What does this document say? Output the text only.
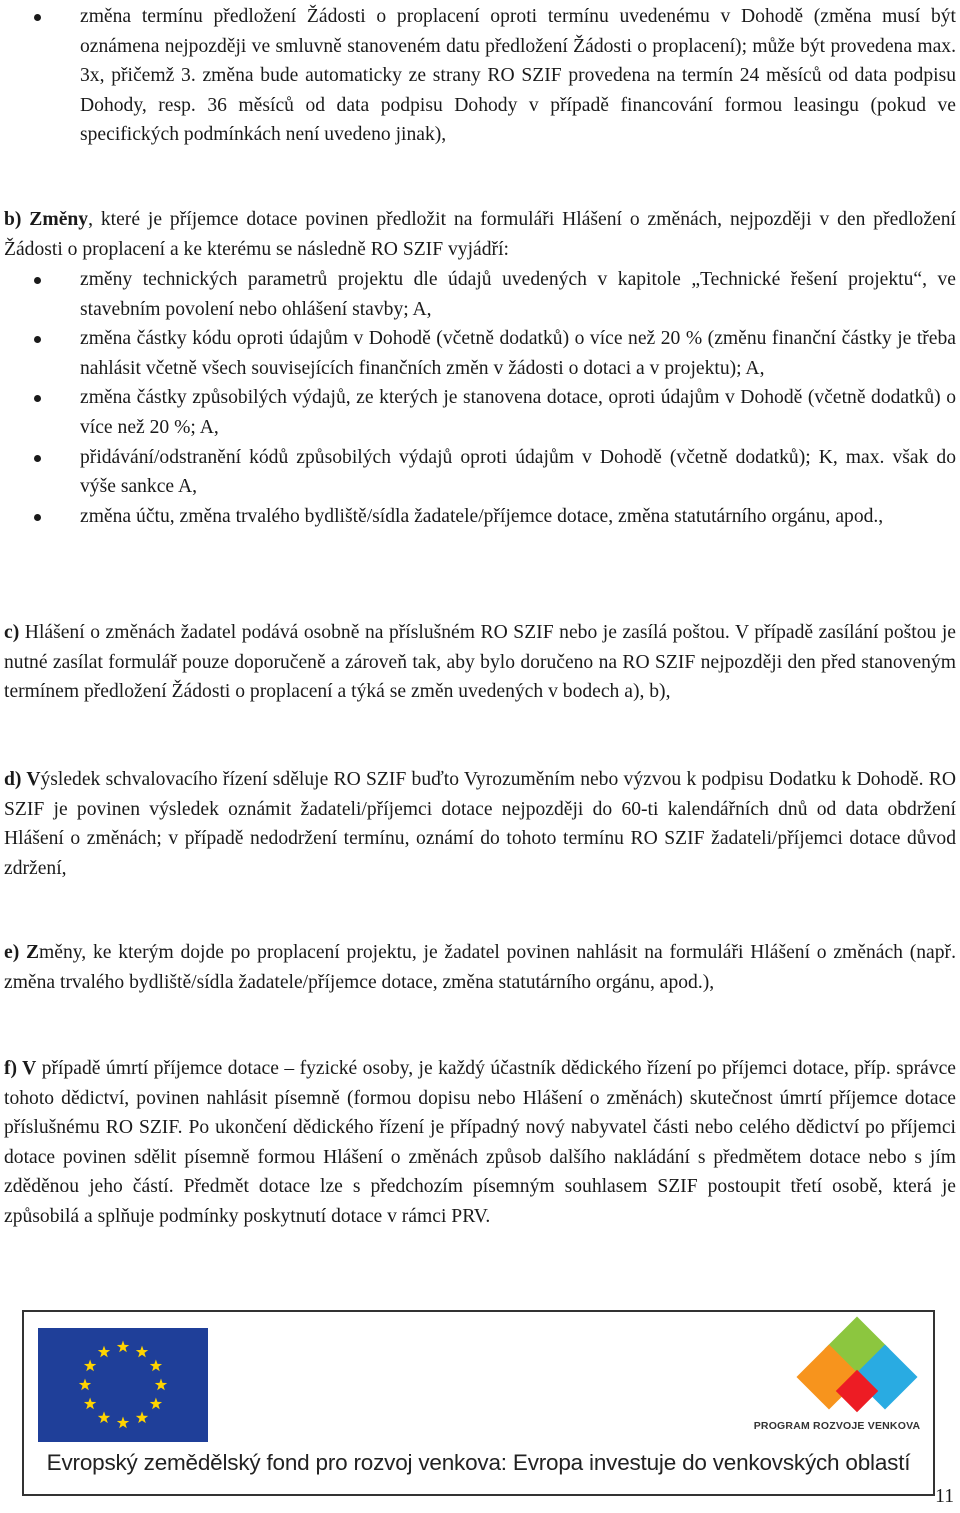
změna termínu předložení Žádosti o proplacení oproti termínu uvedenému v Dohodě (změna musí být oznámena nejpozději ve smluvně stanoveném datu předložení Žádosti o proplacení); může být provedena max. 3x, přičemž 3. změna bude automaticky ze strany RO SZIF provedena na termín 24 měsíců od data podpisu Dohody, resp. 36 měsíců od data podpisu Dohody v případě financování formou leasingu (pokud ve specifických podmínkách není uvedeno jinak),

b) Změny, které je příjemce dotace povinen předložit na formuláři Hlášení o změnách, nejpozději v den předložení Žádosti o proplacení a ke kterému se následně RO SZIF vyjádří:

změny technických parametrů projektu dle údajů uvedených v kapitole „Technické řešení projektu“, ve stavebním povolení nebo ohlášení stavby; A,
změna částky kódu oproti údajům v Dohodě (včetně dodatků) o více než 20 % (změnu finanční částky je třeba nahlásit včetně všech souvisejících finančních změn v žádosti o dotaci a v projektu); A,
změna částky způsobilých výdajů, ze kterých je stanovena dotace, oproti údajům v Dohodě (včetně dodatků) o více než 20 %; A,
přidávání/odstranění kódů způsobilých výdajů oproti údajům v Dohodě (včetně dodatků); K, max. však do výše sankce A,
změna účtu, změna trvalého bydliště/sídla žadatele/příjemce dotace, změna statutárního orgánu, apod.,

c) Hlášení o změnách žadatel podává osobně na příslušném RO SZIF nebo je zasílá poštou. V případě zasílání poštou je nutné zasílat formulář pouze doporučeně a zároveň tak, aby bylo doručeno na RO SZIF nejpozději den před stanoveným termínem předložení Žádosti o proplacení a týká se změn uvedených v bodech a), b),

d) Výsledek schvalovacího řízení sděluje RO SZIF buďto Vyrozuměním nebo výzvou k podpisu Dodatku k Dohodě. RO SZIF je povinen výsledek oznámit žadateli/příjemci dotace nejpozději do 60-ti kalendářních dnů od data obdržení Hlášení o změnách; v případě nedodržení termínu, oznámí do tohoto termínu RO SZIF žadateli/příjemci dotace důvod zdržení,

e) Změny, ke kterým dojde po proplacení projektu, je žadatel povinen nahlásit na formuláři Hlášení o změnách (např. změna trvalého bydliště/sídla žadatele/příjemce dotace, změna statutárního orgánu, apod.),

f) V případě úmrtí příjemce dotace – fyzické osoby, je každý účastník dědického řízení po příjemci dotace, příp. správce tohoto dědictví, povinen nahlásit písemně (formou dopisu nebo Hlášení o změnách) skutečnost úmrtí příjemce dotace příslušnému RO SZIF. Po ukončení dědického řízení je případný nový nabyvatel části nebo celého dědictví po příjemci dotace povinen sdělit písemně formou Hlášení o změnách způsob dalšího nakládání s předmětem dotace nebo s jím zděděnou jeho částí. Předmět dotace lze s předchozím písemným souhlasem SZIF postoupit třetí osobě, která je způsobilá a splňuje podmínky poskytnutí dotace v rámci PRV.

PROGRAM ROZVOJE VENKOVA
Evropský zemědělský fond pro rozvoj venkova: Evropa investuje do venkovských oblastí
11
